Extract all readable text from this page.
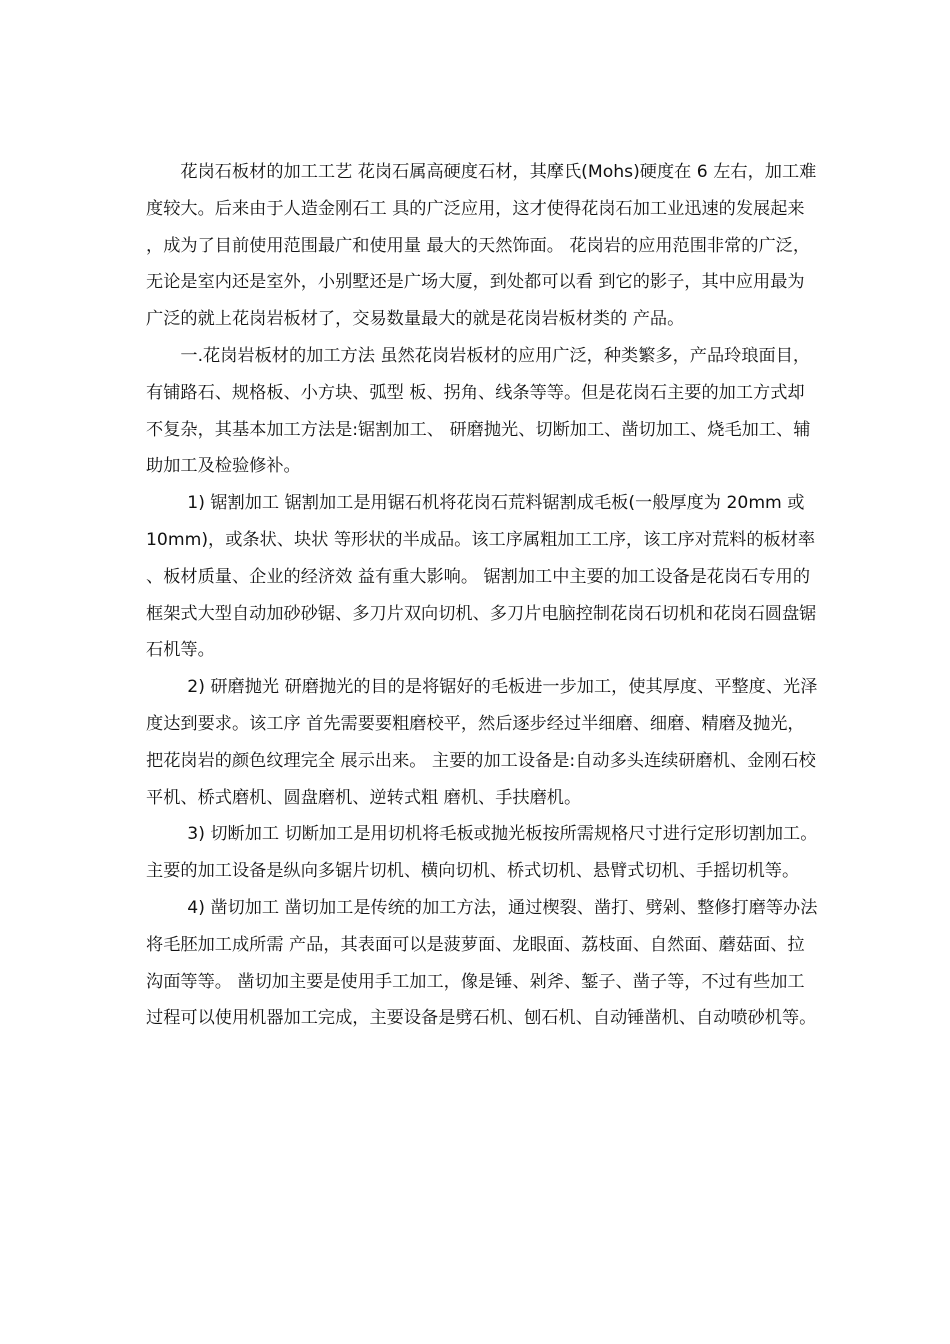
花岗石板材的加工工艺 花岗石属高硬度石材，其摩氏(Mohs)硬度在 6 左右，加工难度较大。后来由于人造金刚石工 具的广泛应用，这才使得花岗石加工业迅速的发展起来，成为了目前使用范围最广和使用量 最大的天然饰面。 花岗岩的应用范围非常的广泛，无论是室内还是室外，小别墅还是广场大厦，到处都可以看 到它的影子，其中应用最为广泛的就上花岗岩板材了，交易数量最大的就是花岗岩板材类的 产品。

一.花岗岩板材的加工方法 虽然花岗岩板材的应用广泛，种类繁多，产品玲琅面目，有铺路石、规格板、小方块、弧型 板、拐角、线条等等。但是花岗石主要的加工方式却不复杂，其基本加工方法是:锯割加工、 研磨抛光、切断加工、凿切加工、烧毛加工、辅助加工及检验修补。

1) 锯割加工 锯割加工是用锯石机将花岗石荒料锯割成毛板(一般厚度为 20mm 或 10mm)，或条状、块状 等形状的半成品。该工序属粗加工工序，该工序对荒料的板材率、板材质量、企业的经济效 益有重大影响。 锯割加工中主要的加工设备是花岗石专用的框架式大型自动加砂砂锯、多刀片双向切机、多刀片电脑控制花岗石切机和花岗石圆盘锯石机等。

2) 研磨抛光 研磨抛光的目的是将锯好的毛板进一步加工，使其厚度、平整度、光泽度达到要求。该工序 首先需要要粗磨校平，然后逐步经过半细磨、细磨、精磨及抛光，把花岗岩的颜色纹理完全 展示出来。 主要的加工设备是:自动多头连续研磨机、金刚石校平机、桥式磨机、圆盘磨机、逆转式粗 磨机、手扶磨机。

3) 切断加工 切断加工是用切机将毛板或抛光板按所需规格尺寸进行定形切割加工。 主要的加工设备是纵向多锯片切机、横向切机、桥式切机、悬臂式切机、手摇切机等。

4) 凿切加工 凿切加工是传统的加工方法，通过楔裂、凿打、劈剁、整修打磨等办法将毛胚加工成所需 产品，其表面可以是菠萝面、龙眼面、荔枝面、自然面、蘑菇面、拉沟面等等。 凿切加主要是使用手工加工，像是锤、剁斧、錾子、凿子等，不过有些加工过程可以使用机器加工完成，主要设备是劈石机、刨石机、自动锤凿机、自动喷砂机等。
